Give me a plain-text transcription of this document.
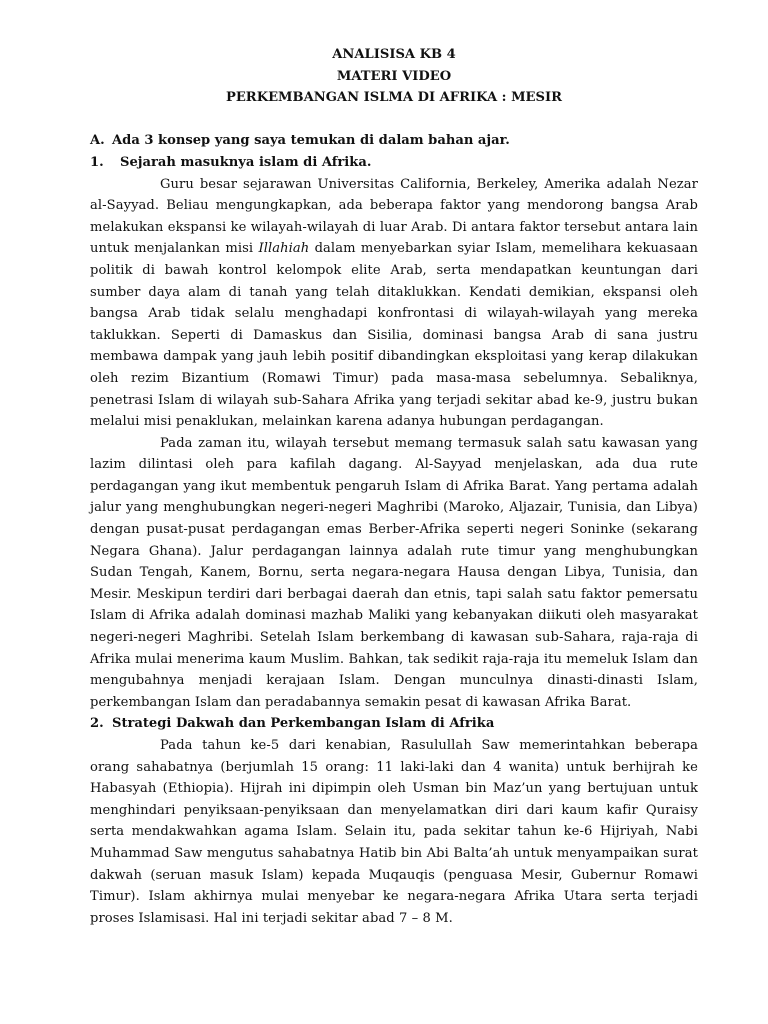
ANALISISA KB 4

MATERI VIDEO

PERKEMBANGAN ISLMA DI AFRIKA : MESIR

A. Ada 3 konsep yang saya temukan di dalam bahan ajar.

1. Sejarah masuknya islam di Afrika.

Guru besar sejarawan Universitas California, Berkeley, Amerika adalah Nezar al-Sayyad. Beliau mengungkapkan, ada beberapa faktor yang mendorong bangsa Arab melakukan ekspansi ke wilayah-wilayah di luar Arab. Di antara faktor tersebut antara lain untuk menjalankan misi Illahiah dalam menyebarkan syiar Islam, memelihara kekuasaan politik di bawah kontrol kelompok elite Arab, serta mendapatkan keuntungan dari sumber daya alam di tanah yang telah ditaklukkan. Kendati demikian, ekspansi oleh bangsa Arab tidak selalu menghadapi konfrontasi di wilayah-wilayah yang mereka taklukkan. Seperti di Damaskus dan Sisilia, dominasi bangsa Arab di sana justru membawa dampak yang jauh lebih positif dibandingkan eksploitasi yang kerap dilakukan oleh rezim Bizantium (Romawi Timur) pada masa-masa sebelumnya. Sebaliknya, penetrasi Islam di wilayah sub-Sahara Afrika yang terjadi sekitar abad ke-9, justru bukan melalui misi penaklukan, melainkan karena adanya hubungan perdagangan.

Pada zaman itu, wilayah tersebut memang termasuk salah satu kawasan yang lazim dilintasi oleh para kafilah dagang. Al-Sayyad menjelaskan, ada dua rute perdagangan yang ikut membentuk pengaruh Islam di Afrika Barat. Yang pertama adalah jalur yang menghubungkan negeri-negeri Maghribi (Maroko, Aljazair, Tunisia, dan Libya) dengan pusat-pusat perdagangan emas Berber-Afrika seperti negeri Soninke (sekarang Negara Ghana). Jalur perdagangan lainnya adalah rute timur yang menghubungkan Sudan Tengah, Kanem, Bornu, serta negara-negara Hausa dengan Libya, Tunisia, dan Mesir. Meskipun terdiri dari berbagai daerah dan etnis, tapi salah satu faktor pemersatu Islam di Afrika adalah dominasi mazhab Maliki yang kebanyakan diikuti oleh masyarakat negeri-negeri Maghribi. Setelah Islam berkembang di kawasan sub-Sahara, raja-raja di Afrika mulai menerima kaum Muslim. Bahkan, tak sedikit raja-raja itu memeluk Islam dan mengubahnya menjadi kerajaan Islam. Dengan munculnya dinasti-dinasti Islam, perkembangan Islam dan peradabannya semakin pesat di kawasan Afrika Barat.

2. Strategi Dakwah dan Perkembangan Islam di Afrika

Pada tahun ke-5 dari kenabian, Rasulullah Saw memerintahkan beberapa orang sahabatnya (berjumlah 15 orang: 11 laki-laki dan 4 wanita) untuk berhijrah ke Habasyah (Ethiopia). Hijrah ini dipimpin oleh Usman bin Maz’un yang bertujuan untuk menghindari penyiksaan-penyiksaan dan menyelamatkan diri dari kaum kafir Quraisy serta mendakwahkan agama Islam. Selain itu, pada sekitar tahun ke-6 Hijriyah, Nabi Muhammad Saw mengutus sahabatnya Hatib bin Abi Balta’ah untuk menyampaikan surat dakwah (seruan masuk Islam) kepada Muqauqis (penguasa Mesir, Gubernur Romawi Timur). Islam akhirnya mulai menyebar ke negara-negara Afrika Utara serta terjadi proses Islamisasi. Hal ini terjadi sekitar abad 7 – 8 M.
